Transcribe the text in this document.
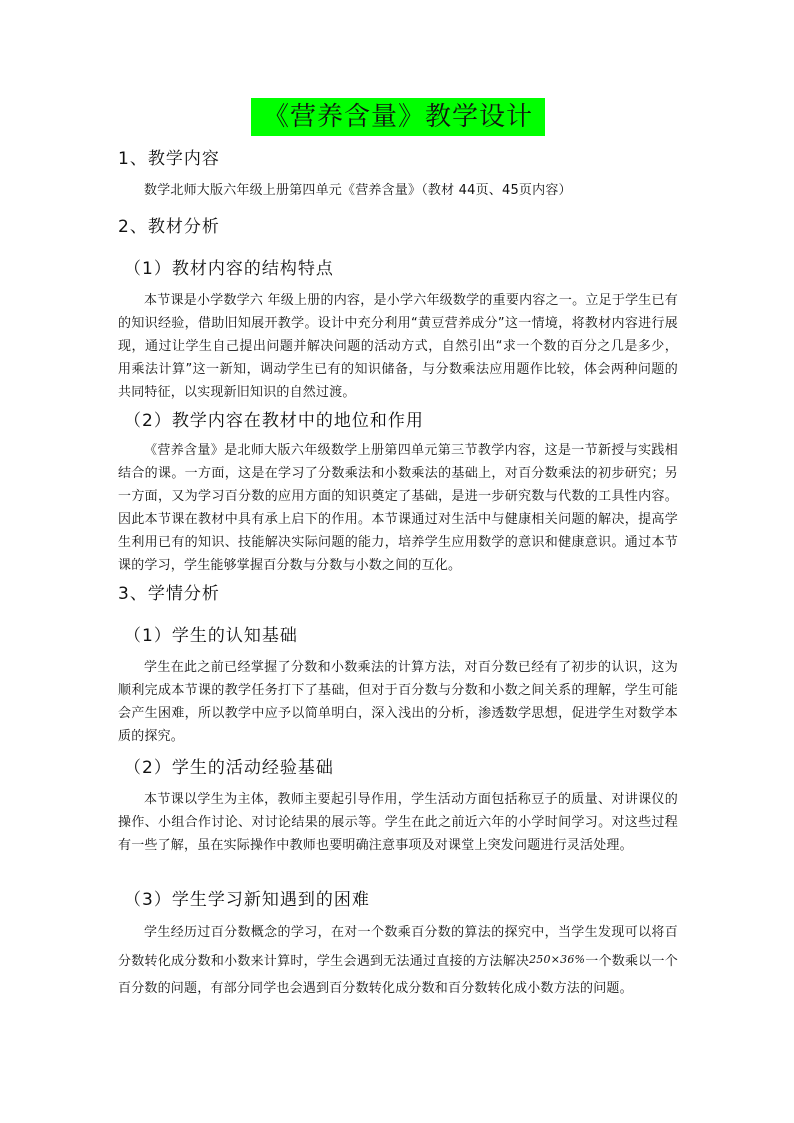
《营养含量》教学设计
1、教学内容
数学北师大版六年级上册第四单元《营养含量》（教材 44页、45页内容）
2、教材分析
（1）教材内容的结构特点
本节课是小学数学六 年级上册的内容，是小学六年级数学的重要内容之一。立足于学生已有的知识经验，借助旧知展开教学。设计中充分利用“黄豆营养成分”这一情境，将教材内容进行展现，通过让学生自己提出问题并解决问题的活动方式，自然引出“求一个数的百分之几是多少，用乘法计算”这一新知，调动学生已有的知识储备，与分数乘法应用题作比较，体会两种问题的共同特征，以实现新旧知识的自然过渡。
（2）教学内容在教材中的地位和作用
《营养含量》是北师大版六年级数学上册第四单元第三节教学内容，这是一节新授与实践相结合的课。一方面，这是在学习了分数乘法和小数乘法的基础上，对百分数乘法的初步研究；另一方面，又为学习百分数的应用方面的知识奠定了基础，是进一步研究数与代数的工具性内容。因此本节课在教材中具有承上启下的作用。本节课通过对生活中与健康相关问题的解决，提高学生利用已有的知识、技能解决实际问题的能力，培养学生应用数学的意识和健康意识。通过本节课的学习，学生能够掌握百分数与分数与小数之间的互化。
3、学情分析
（1）学生的认知基础
学生在此之前已经掌握了分数和小数乘法的计算方法，对百分数已经有了初步的认识，这为顺利完成本节课的教学任务打下了基础，但对于百分数与分数和小数之间关系的理解，学生可能会产生困难，所以教学中应予以简单明白，深入浅出的分析，渗透数学思想，促进学生对数学本质的探究。
（2）学生的活动经验基础
本节课以学生为主体，教师主要起引导作用，学生活动方面包括称豆子的质量、对讲课仪的操作、小组合作讨论、对讨论结果的展示等。学生在此之前近六年的小学时间学习。对这些过程有一些了解，虽在实际操作中教师也要明确注意事项及对课堂上突发问题进行灵活处理。
（3）学生学习新知遇到的困难
学生经历过百分数概念的学习，在对一个数乘百分数的算法的探究中，当学生发现可以将百分数转化成分数和小数来计算时，学生会遇到无法通过直接的方法解决250×36%一个数乘以一个百分数的问题，有部分同学也会遇到百分数转化成分数和百分数转化成小数方法的问题。
